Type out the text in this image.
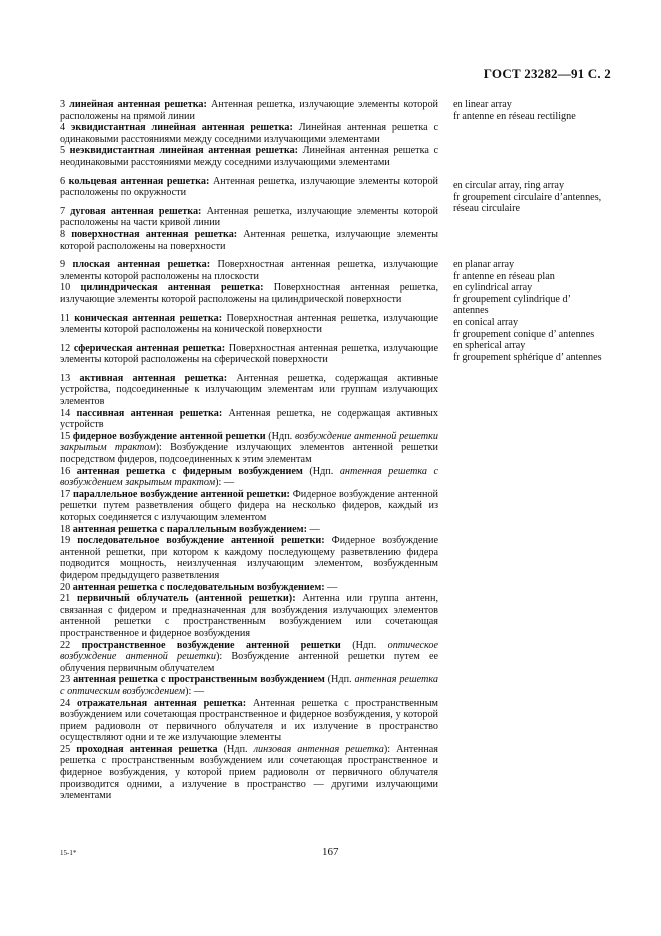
ГОСТ 23282—91 С. 2
3 линейная антенная решетка: Антенная решетка, излучающие элементы которой расположены на прямой линии
4 эквидистантная линейная антенная решетка: Линейная антенная решетка с одинаковыми расстояниями между соседними излучающими элементами
5 неэквидистантная линейная антенная решетка: Линейная антенная решетка с неодинаковыми расстояниями между соседними излучающими элементами
6 кольцевая антенная решетка: Антенная решетка, излучающие элементы которой расположены по окружности
7 дуговая антенная решетка: Антенная решетка, излучающие элементы которой расположены на части кривой линии
8 поверхностная антенная решетка: Антенная решетка, излучающие элементы которой расположены на поверхности
9 плоская антенная решетка: Поверхностная антенная решетка, излучающие элементы которой расположены на плоскости
10 цилиндрическая антенная решетка: Поверхностная антенная решетка, излучающие элементы которой расположены на цилиндрической поверхности
11 коническая антенная решетка: Поверхностная антенная решетка, излучающие элементы которой расположены на конической поверхности
12 сферическая антенная решетка: Поверхностная антенная решетка, излучающие элементы которой расположены на сферической поверхности
13 активная антенная решетка: Антенная решетка, содержащая активные устройства, подсоединенные к излучающим элементам или группам излучающих элементов
14 пассивная антенная решетка: Антенная решетка, не содержащая активных устройств
15 фидерное возбуждение антенной решетки (Ндп. возбуждение антенной решетки закрытым трактом): Возбуждение излучающих элементов антенной решетки посредством фидеров, подсоединенных к этим элементам
16 антенная решетка с фидерным возбуждением (Ндп. антенная решетка с возбуждением закрытым трактом): —
17 параллельное возбуждение антенной решетки: Фидерное возбуждение антенной решетки путем разветвления общего фидера на несколько фидеров, каждый из которых соединяется с излучающим элементом
18 антенная решетка с параллельным возбуждением: —
19 последовательное возбуждение антенной решетки: Фидерное возбуждение антенной решетки, при котором к каждому последующему разветвлению фидера подводится мощность, неизлученная излучающим элементом, возбужденным фидером предыдущего разветвления
20 антенная решетка с последовательным возбуждением: —
21 первичный облучатель (антенной решетки): Антенна или группа антенн, связанная с фидером и предназначенная для возбуждения излучающих элементов антенной решетки с пространственным возбуждением или сочетающая пространственное и фидерное возбуждения
22 пространственное возбуждение антенной решетки (Ндп. оптическое возбуждение антенной решетки): Возбуждение антенной решетки путем ее облучения первичным облучателем
23 антенная решетка с пространственным возбуждением (Ндп. антенная решетка с оптическим возбуждением): —
24 отражательная антенная решетка: Антенная решетка с пространственным возбуждением или сочетающая пространственное и фидерное возбуждения, у которой прием радиоволн от первичного облучателя и их излучение в пространство осуществляют одни и те же излучающие элементы
25 проходная антенная решетка (Ндп. линзовая антенная решетка): Антенная решетка с пространственным возбуждением или сочетающая пространственное и фидерное возбуждения, у которой прием радиоволн от первичного облучателя производится одними, а излучение в пространство — другими излучающими элементами
en linear array
fr antenne en réseau rectiligne
en circular array, ring array
fr groupement circulaire d’antennes, réseau circulaire
en planar array
fr antenne en réseau plan
en cylindrical array
fr groupement cylindrique d’ antennes
en conical array
fr groupement conique d’ antennes
en spherical array
fr groupement sphérique d’ antennes
15-1*	167
